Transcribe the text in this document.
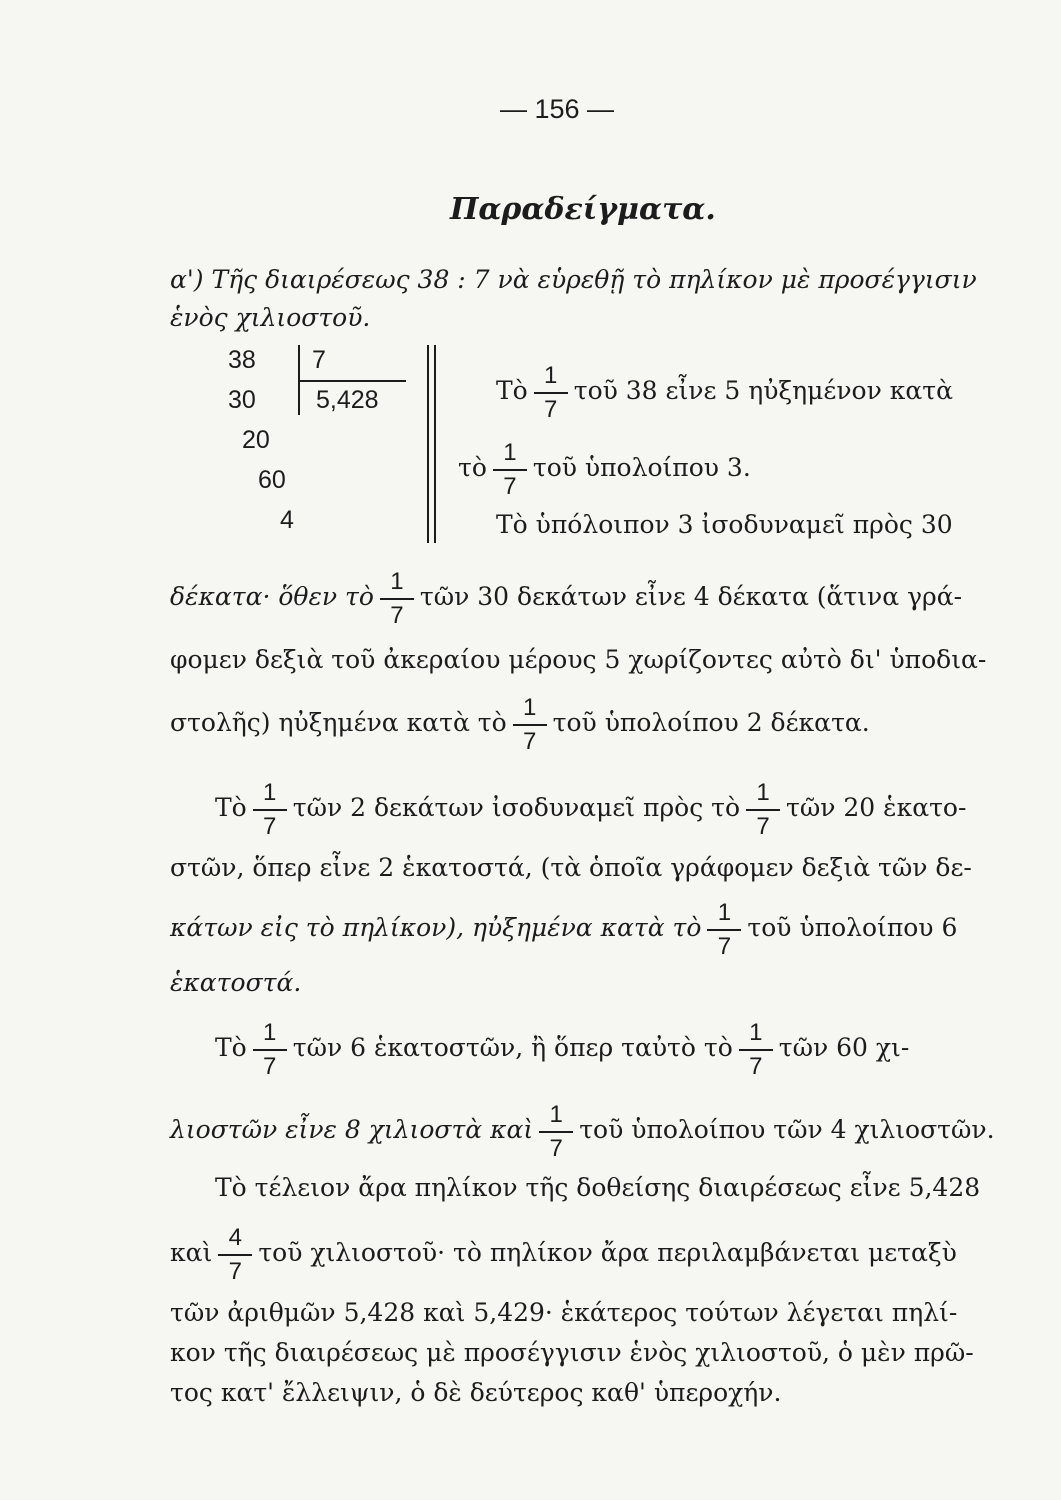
— 156 —
Παραδείγματα.
α') Τῆς διαιρέσεως 38 : 7 νὰ εὑρεθῇ τὸ πηλίκον μὲ προσέγγισιν
ἑνὸς χιλιοστοῦ.
38
30
20
60
4
7
5,428	Τὸ
1
7
τοῦ 38 εἶνε 5 ηὐξημένον κατὰ
τὸ
1
7
τοῦ ὑπολοίπου 3.
Τὸ ὑπόλοιπον 3 ἰσοδυναμεῖ πρὸς 30
δέκατα· ὅθεν τὸ
1
7
τῶν 30 δεκάτων εἶνε 4 δέκατα (ἅτινα γρά-
φομεν δεξιὰ τοῦ ἀκεραίου μέρους 5 χωρίζοντες αὐτὸ δι' ὑποδια-
στολῆς) ηὐξημένα κατὰ τὸ
1
7
τοῦ ὑπολοίπου 2 δέκατα.
Τὸ
1
7
τῶν 2 δεκάτων ἰσοδυναμεῖ πρὸς τὸ
1
7
τῶν 20 ἑκατο-
στῶν, ὅπερ εἶνε 2 ἑκατοστά, (τὰ ὁποῖα γράφομεν δεξιὰ τῶν δε-
κάτων εἰς τὸ πηλίκον), ηὐξημένα κατὰ τὸ
1
7
τοῦ ὑπολοίπου 6
ἑκατοστά.
Τὸ
1
7
τῶν 6 ἑκατοστῶν, ἢ ὅπερ ταὐτὸ τὸ
1
7
τῶν 60 χι-
λιοστῶν εἶνε 8 χιλιοστὰ καὶ
1
7
τοῦ ὑπολοίπου τῶν 4 χιλιοστῶν.
Τὸ τέλειον ἄρα πηλίκον τῆς δοθείσης διαιρέσεως εἶνε 5,428
καὶ
4
7
τοῦ χιλιοστοῦ· τὸ πηλίκον ἄρα περιλαμβάνεται μεταξὺ
τῶν ἀριθμῶν 5,428 καὶ 5,429· ἑκάτερος τούτων λέγεται πηλί-
κον τῆς διαιρέσεως μὲ προσέγγισιν ἑνὸς χιλιοστοῦ, ὁ μὲν πρῶ-
τος κατ' ἔλλειψιν, ὁ δὲ δεύτερος καθ' ὑπεροχήν.
